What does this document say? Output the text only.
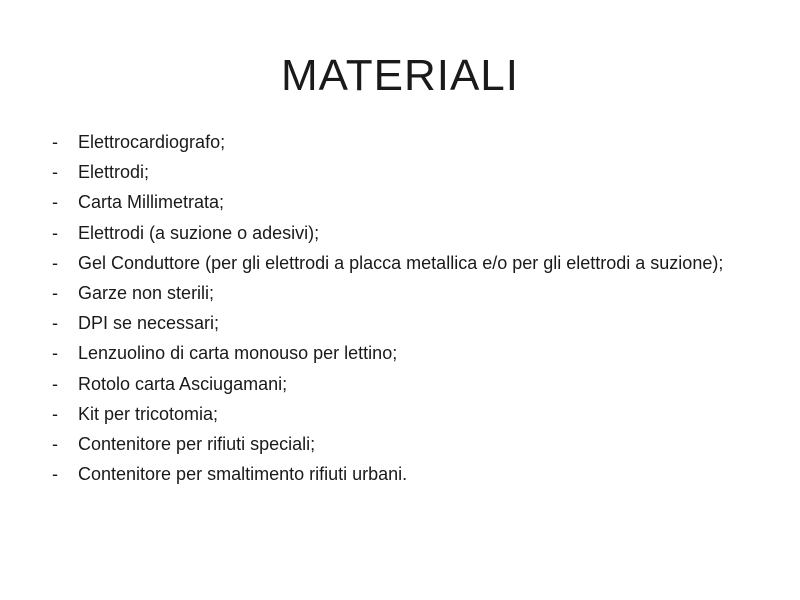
MATERIALI
- Elettrocardiografo;
- Elettrodi;
- Carta Millimetrata;
- Elettrodi (a suzione o adesivi);
- Gel Conduttore (per gli elettrodi a placca metallica e/o per gli elettrodi a suzione);
- Garze non sterili;
- DPI se necessari;
- Lenzuolino di carta monouso per lettino;
- Rotolo carta Asciugamani;
- Kit per tricotomia;
- Contenitore per rifiuti speciali;
- Contenitore per smaltimento rifiuti urbani.
